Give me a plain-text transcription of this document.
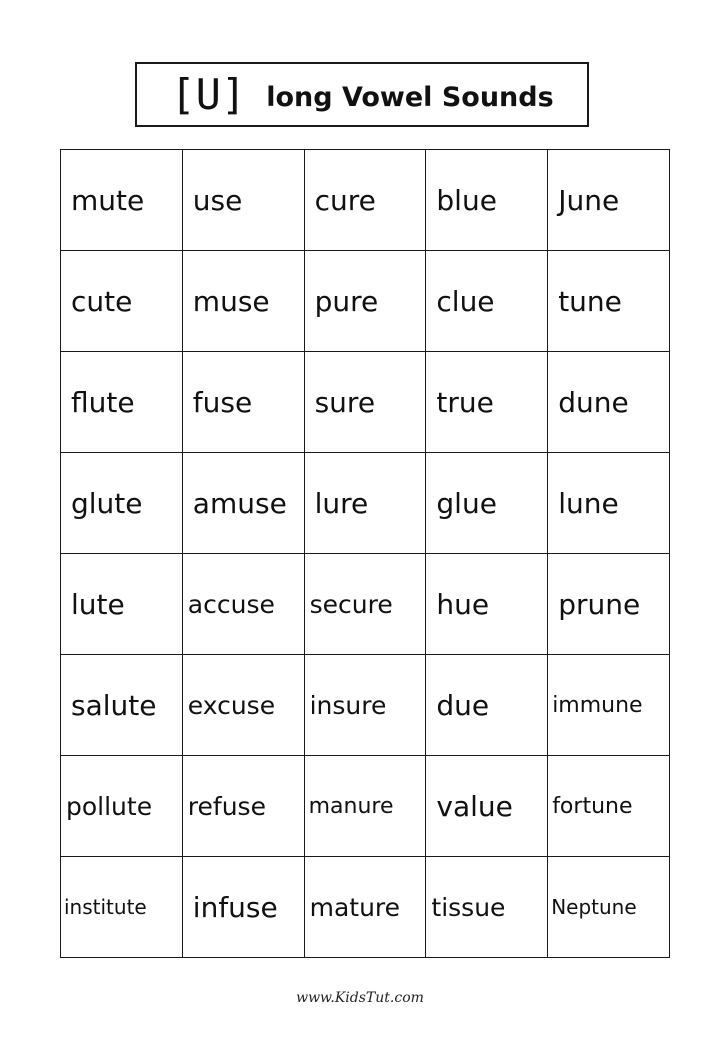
[U] long Vowel Sounds
mute	use	cure	blue	June
cute	muse	pure	clue	tune
flute	fuse	sure	true	dune
glute	amuse	lure	glue	lune
lute	accuse	secure	hue	prune
salute	excuse	insure	due	immune
pollute	refuse	manure	value	fortune
institute	infuse	mature	tissue	Neptune
www.KidsTut.com
